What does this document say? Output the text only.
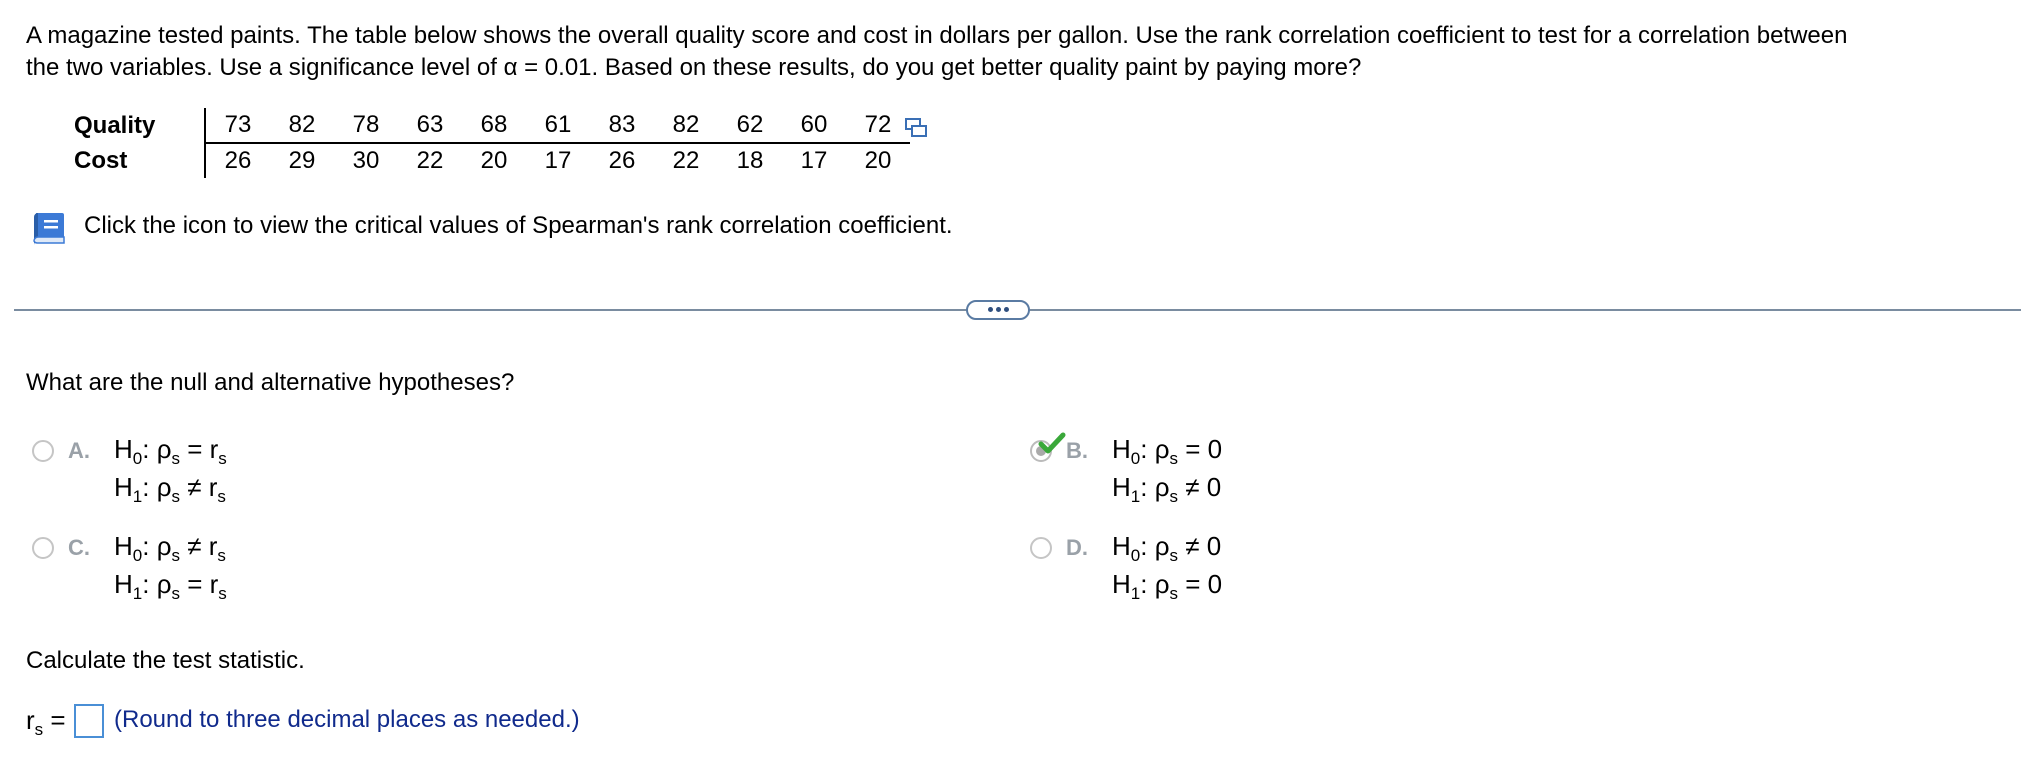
A magazine tested paints. The table below shows the overall quality score and cost in dollars per gallon. Use the rank correlation coefficient to test for a correlation between
the two variables. Use a significance level of α = 0.01. Based on these results, do you get better quality paint by paying more?
Quality		73	82	78	63	68	61	83	82	62	60	72
Cost		26	29	30	22	20	17	26	22	18	17	20
Click the icon to view the critical values of Spearman's rank correlation coefficient.
What are the null and alternative hypotheses?
A. $H_0$: $\rho_s = r_s$
$H_1$: $\rho_s \ne r_s$
B. $H_0$: $\rho_s = 0$
$H_1$: $\rho_s \ne 0$
C. $H_0$: $\rho_s \ne r_s$
$H_1$: $\rho_s = r_s$
D. $H_0$: $\rho_s \ne 0$
$H_1$: $\rho_s = 0$
Calculate the test statistic.
$r_s$ = (Round to three decimal places as needed.)
